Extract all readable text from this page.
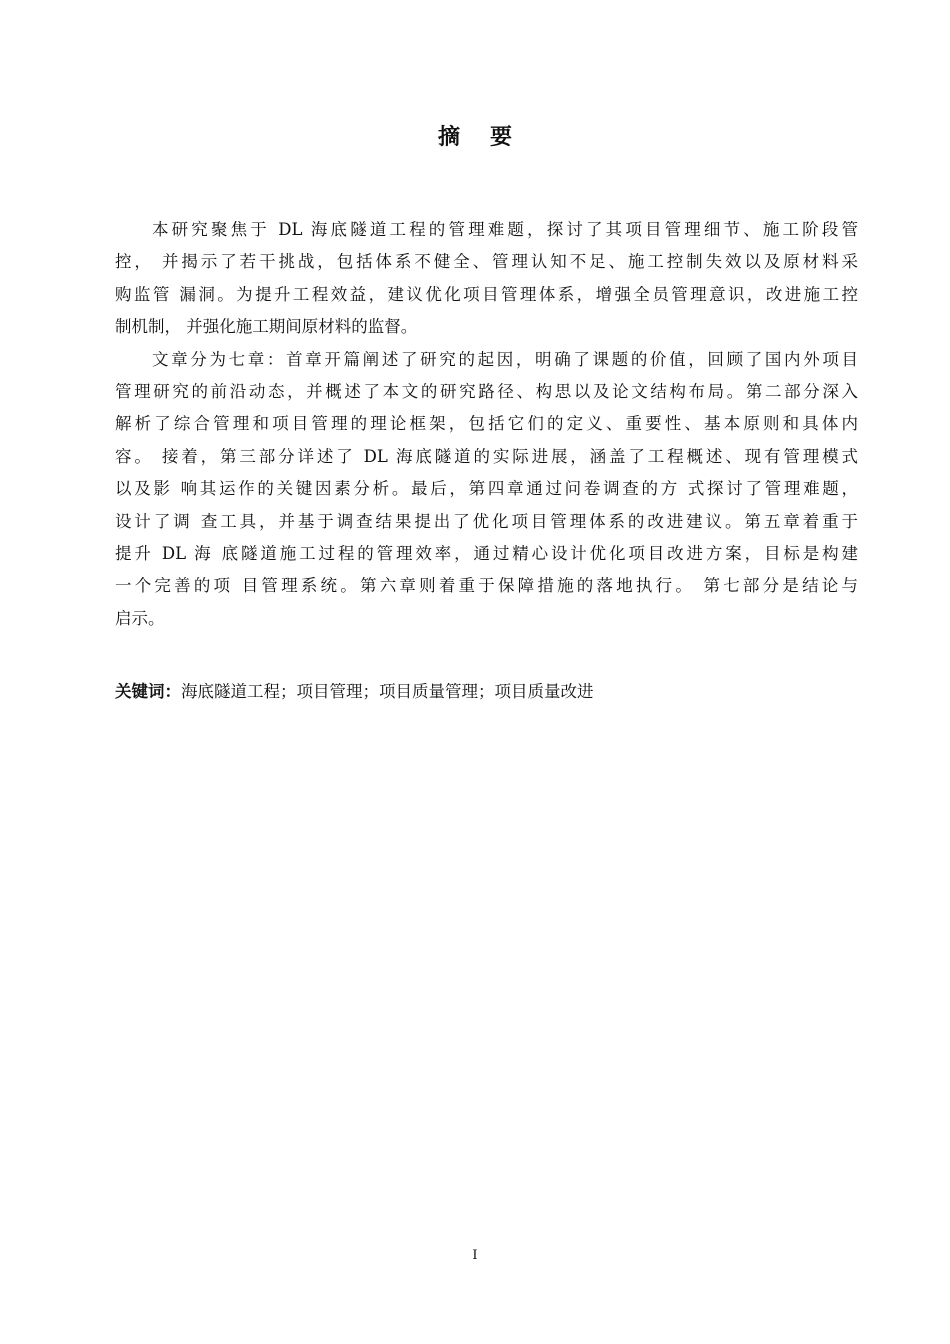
摘要
本研究聚焦于 DL 海底隧道工程的管理难题，探讨了其项目管理细节、施工阶段管
控， 并揭示了若干挑战，包括体系不健全、管理认知不足、施工控制失效以及原材料采
购监管 漏洞。为提升工程效益，建议优化项目管理体系，增强全员管理意识，改进施工控
制机制， 并强化施工期间原材料的监督。
文章分为七章：首章开篇阐述了研究的起因，明确了课题的价值，回顾了国内外项目
管理研究的前沿动态，并概述了本文的研究路径、构思以及论文结构布局。第二部分深入
解析了综合管理和项目管理的理论框架，包括它们的定义、重要性、基本原则和具体内
容。 接着，第三部分详述了 DL 海底隧道的实际进展，涵盖了工程概述、现有管理模式
以及影 响其运作的关键因素分析。最后，第四章通过问卷调查的方 式探讨了管理难题，
设计了调 查工具，并基于调查结果提出了优化项目管理体系的改进建议。第五章着重于
提升 DL 海 底隧道施工过程的管理效率，通过精心设计优化项目改进方案，目标是构建
一个完善的项 目管理系统。第六章则着重于保障措施的落地执行。 第七部分是结论与
启示。
关键词：海底隧道工程；项目管理；项目质量管理；项目质量改进
I
